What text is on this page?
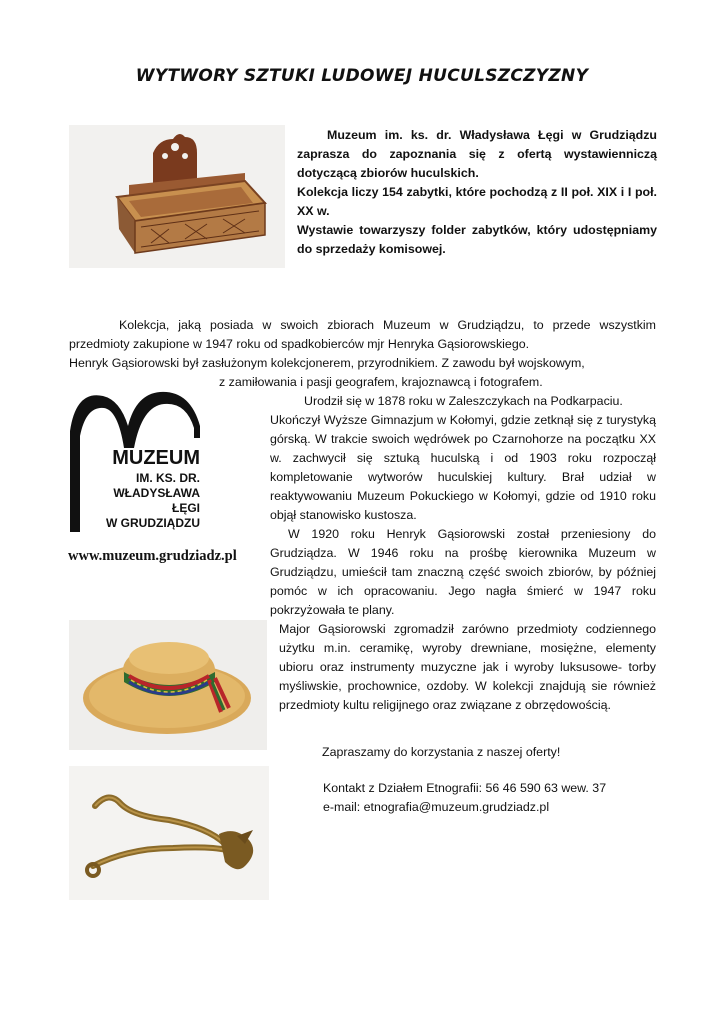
WYTWORY SZTUKI LUDOWEJ HUCULSZCZYZNY

Muzeum im. ks. dr. Władysława Łęgi w Grudziądzu zaprasza do zapoznania się z ofertą wystawienniczą dotyczącą zbiorów huculskich.

Kolekcja liczy 154 zabytki, które pochodzą z II poł. XIX i I poł. XX w.

Wystawie towarzyszy folder zabytków, który udostępniamy do sprzedaży komisowej.

Kolekcja, jaką posiada w swoich zbiorach Muzeum w Grudziądzu, to przede wszystkim przedmioty zakupione w 1947 roku od spadkobierców mjr Henryka Gąsiorowskiego.

Henryk Gąsiorowski był zasłużonym kolekcjonerem, przyrodnikiem. Z zawodu był wojskowym,

z zamiłowania i pasji geografem, krajoznawcą i fotografem.

MUZEUM
IM. KS. DR.
WŁADYSŁAWA
ŁĘGI
W GRUDZIĄDZU
www.muzeum.grudziadz.pl

Urodził się w 1878 roku w Zaleszczykach na Podkarpaciu.

Ukończył Wyższe Gimnazjum w Kołomyi, gdzie zetknął się z turystyką górską. W trakcie swoich wędrówek po Czarnohorze na początku XX w. zachwycił się sztuką huculską i od 1903 roku rozpoczął kompletowanie wytworów huculskiej kultury. Brał udział w reaktywowaniu Muzeum Pokuckiego w Kołomyi, gdzie od 1910 roku objął stanowisko kustosza.

W 1920 roku Henryk Gąsiorowski został przeniesiony do Grudziądza. W 1946 roku na prośbę kierownika Muzeum w Grudziądzu, umieścił tam znaczną część swoich zbiorów, by później pomóc w ich opracowaniu. Jego nagła śmierć w 1947 roku pokrzyżowała te plany.

Major Gąsiorowski zgromadził zarówno przedmioty codziennego użytku m.in. ceramikę, wyroby drewniane, mosiężne, elementy ubioru oraz instrumenty muzyczne jak i wyroby luksusowe- torby myśliwskie, prochownice, ozdoby. W kolekcji znajdują sie również przedmioty kultu religijnego oraz związane z obrzędowością.
Zapraszamy do korzystania z naszej oferty!

Kontakt z Działem Etnografii: 56 46 590 63 wew. 37

e-mail: etnografia@muzeum.grudziadz.pl
